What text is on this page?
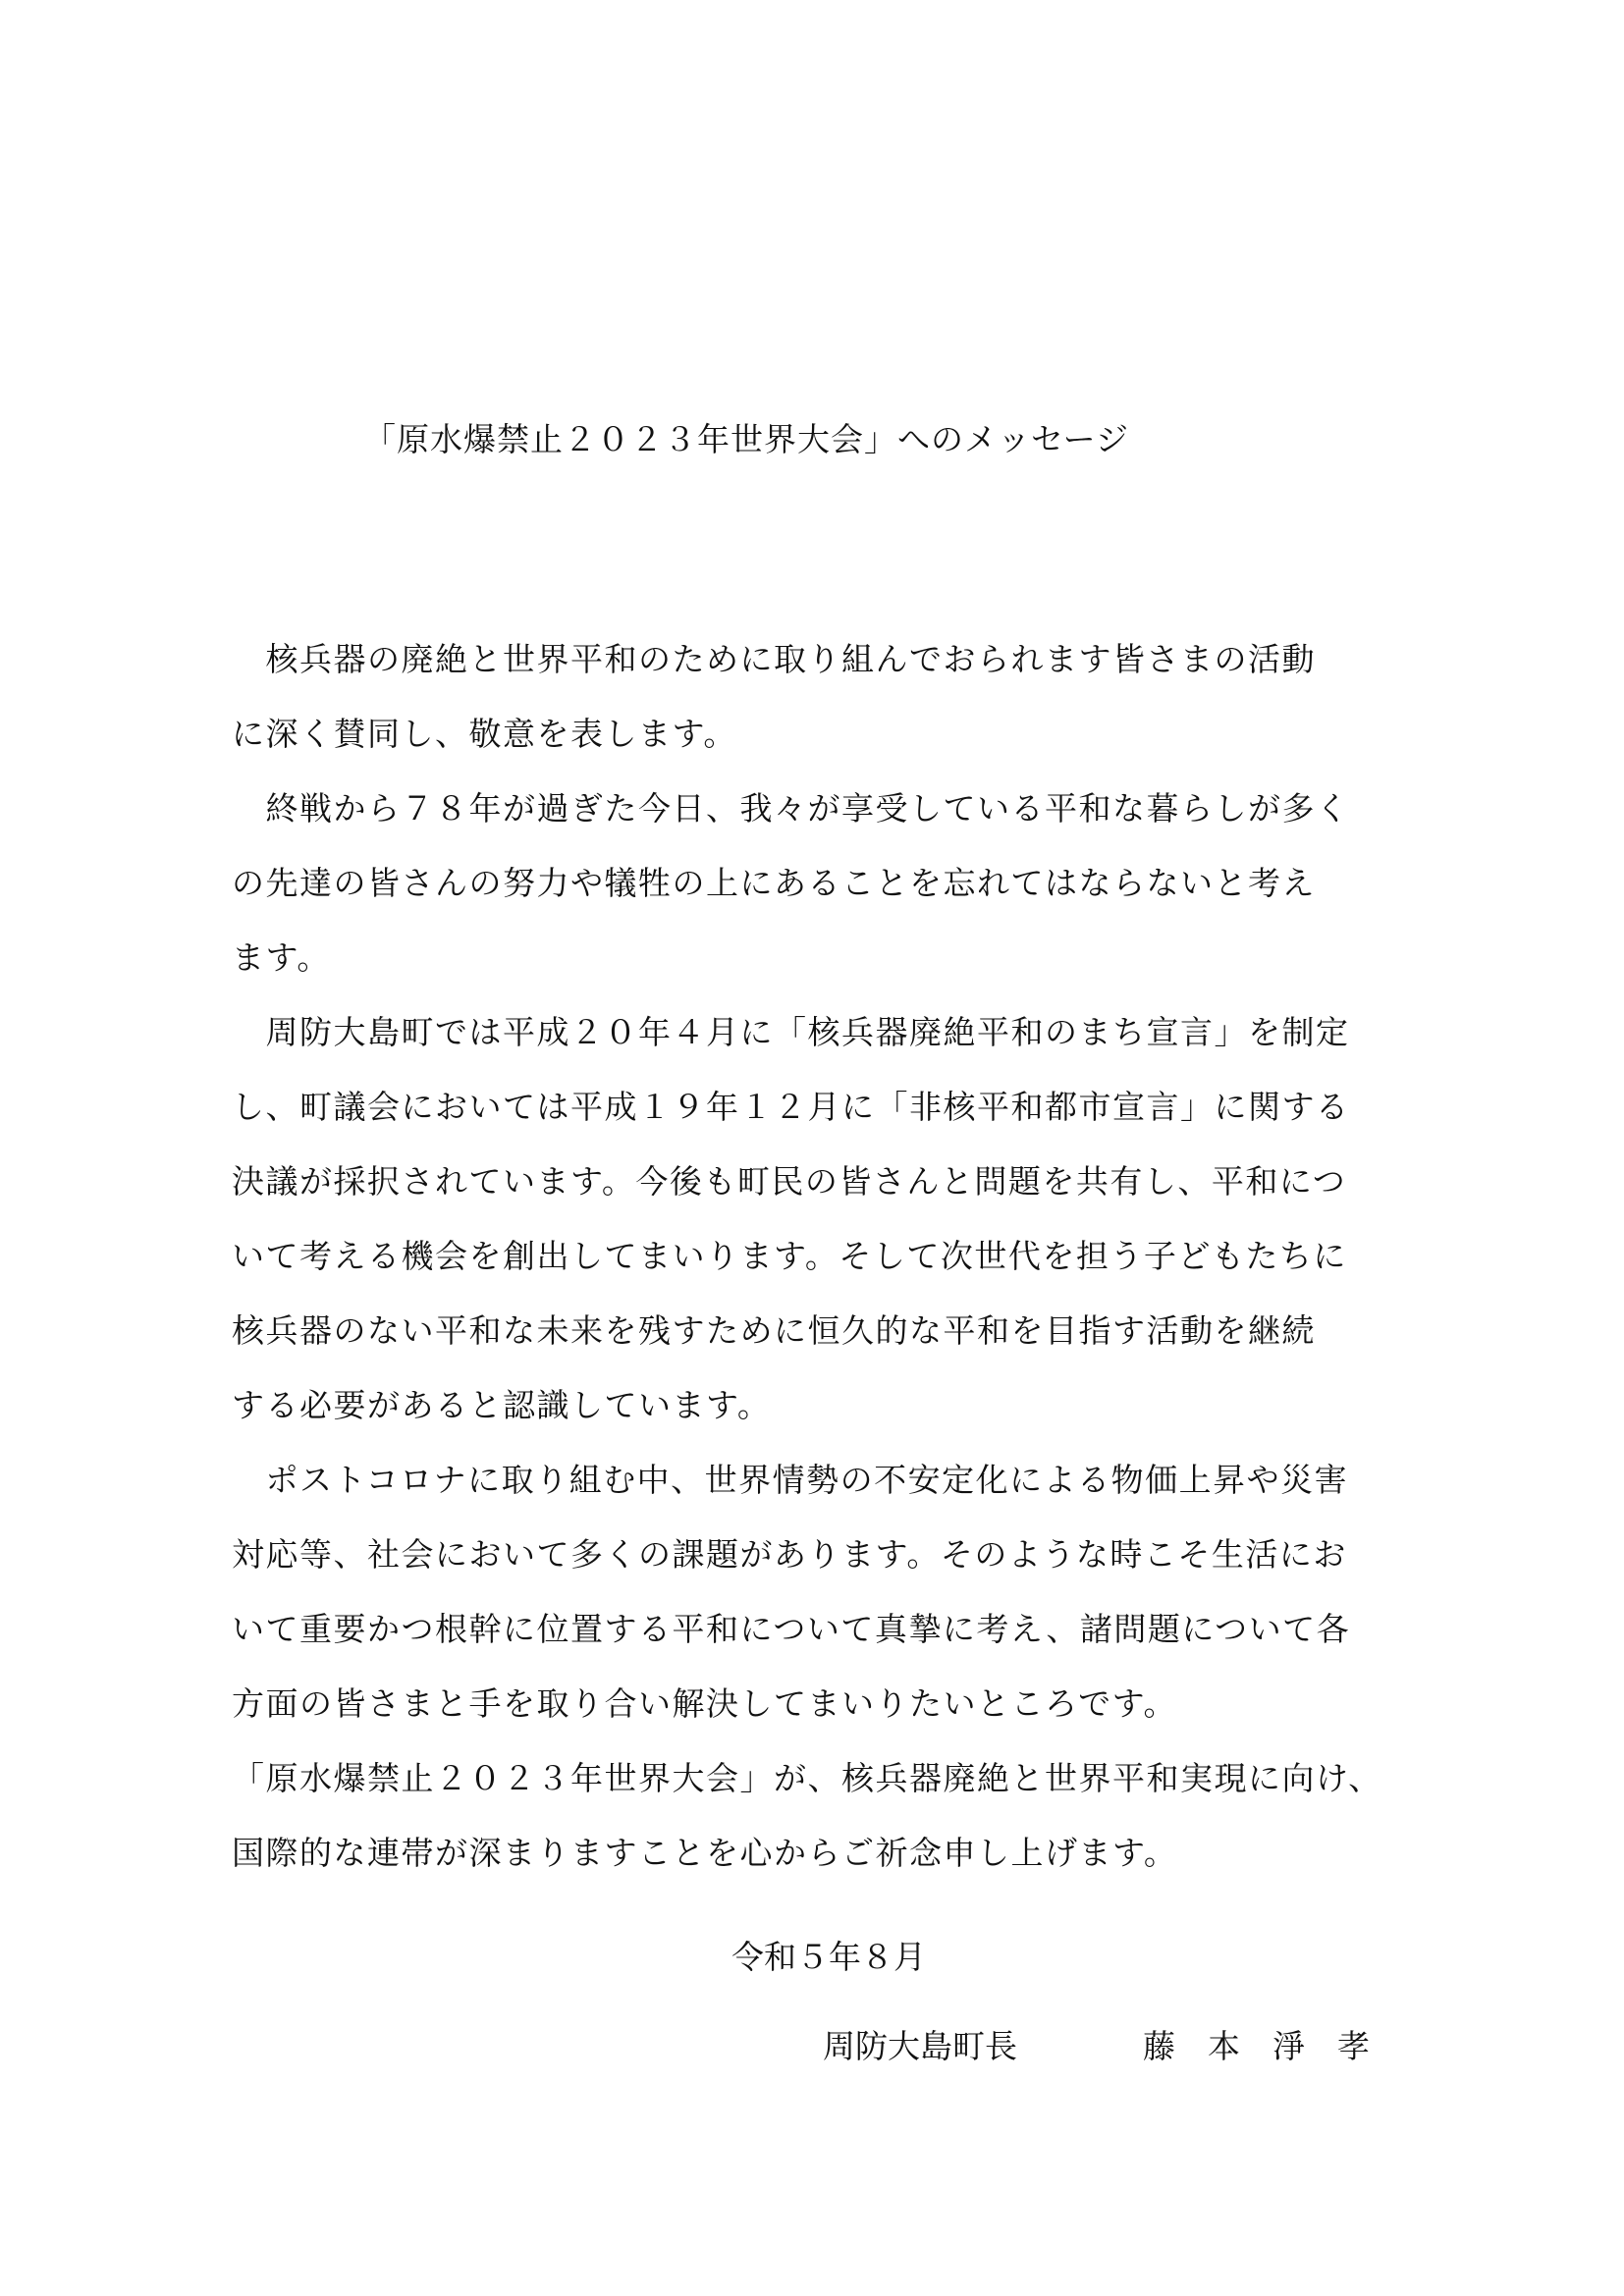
「原水爆禁止２０２３年世界大会」へのメッセージ
　核兵器の廃絶と世界平和のために取り組んでおられます皆さまの活動
に深く賛同し、敬意を表します。
　終戦から７８年が過ぎた今日、我々が享受している平和な暮らしが多く
の先達の皆さんの努力や犠牲の上にあることを忘れてはならないと考え
ます。
　周防大島町では平成２０年４月に「核兵器廃絶平和のまち宣言」を制定
し、町議会においては平成１９年１２月に「非核平和都市宣言」に関する
決議が採択されています。今後も町民の皆さんと問題を共有し、平和につ
いて考える機会を創出してまいります。そして次世代を担う子どもたちに
核兵器のない平和な未来を残すために恒久的な平和を目指す活動を継続
する必要があると認識しています。
　ポストコロナに取り組む中、世界情勢の不安定化による物価上昇や災害
対応等、社会において多くの課題があります。そのような時こそ生活にお
いて重要かつ根幹に位置する平和について真摯に考え、諸問題について各
方面の皆さまと手を取り合い解決してまいりたいところです。
「原水爆禁止２０２３年世界大会」が、核兵器廃絶と世界平和実現に向け、
国際的な連帯が深まりますことを心からご祈念申し上げます。
令和５年８月
周防大島町長	藤　本　淨　孝
